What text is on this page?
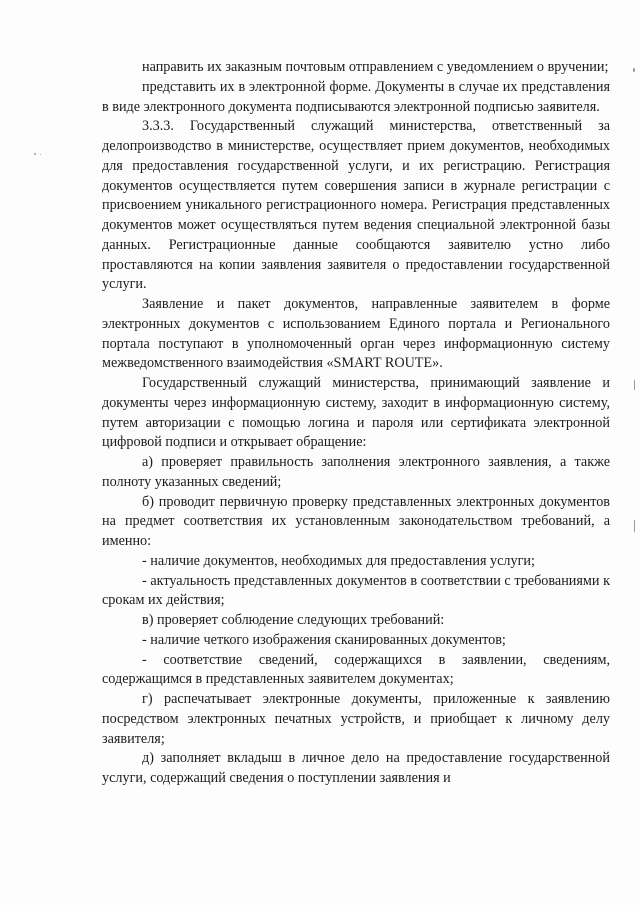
направить их заказным почтовым отправлением с уведомлением о вручении;

представить их в электронной форме. Документы в случае их представления в виде электронного документа подписываются электронной подписью заявителя.

3.3.3. Государственный служащий министерства, ответственный за делопроизводство в министерстве, осуществляет прием документов, необходимых для предоставления государственной услуги, и их регистрацию. Регистрация документов осуществляется путем совершения записи в журнале регистрации с присвоением уникального регистрационного номера. Регистрация представленных документов может осуществляться путем ведения специальной электронной базы данных. Регистрационные данные сообщаются заявителю устно либо проставляются на копии заявления заявителя о предоставлении государственной услуги.

Заявление и пакет документов, направленные заявителем в форме электронных документов с использованием Единого портала и Регионального портала поступают в уполномоченный орган через информационную систему межведомственного взаимодействия «SMART ROUTE».

Государственный служащий министерства, принимающий заявление и документы через информационную систему, заходит в информационную систему, путем авторизации с помощью логина и пароля или сертификата электронной цифровой подписи и открывает обращение:

а) проверяет правильность заполнения электронного заявления, а также полноту указанных сведений;

б) проводит первичную проверку представленных электронных документов на предмет соответствия их установленным законодательством требований, а именно:

- наличие документов, необходимых для предоставления услуги;

- актуальность представленных документов в соответствии с требованиями к срокам их действия;

в) проверяет соблюдение следующих требований:

- наличие четкого изображения сканированных документов;

- соответствие сведений, содержащихся в заявлении, сведениям, содержащимся в представленных заявителем документах;

г) распечатывает электронные документы, приложенные к заявлению посредством электронных печатных устройств, и приобщает к личному делу заявителя;

д) заполняет вкладыш в личное дело на предоставление государственной услуги, содержащий сведения о поступлении заявления и
